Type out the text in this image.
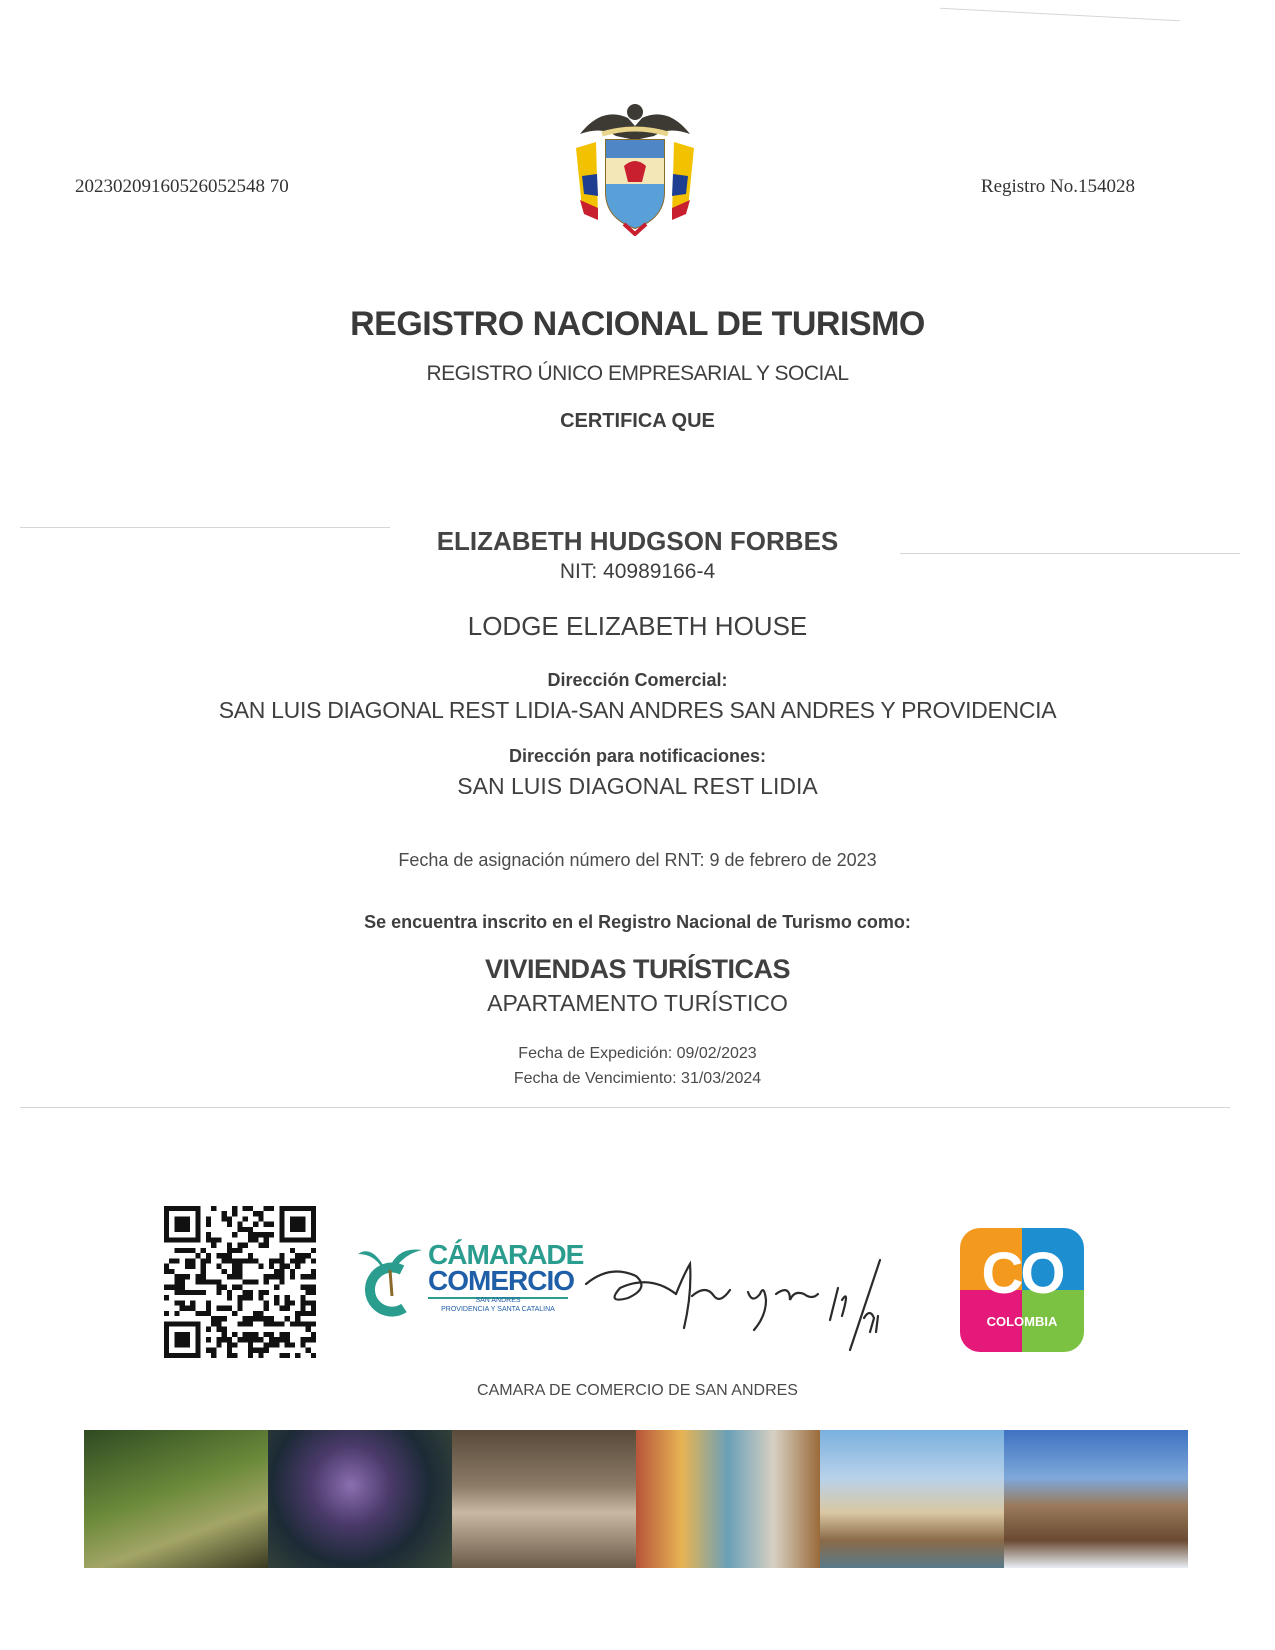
20230209160526052548 70	Registro No.154028
REGISTRO NACIONAL DE TURISMO
REGISTRO ÚNICO EMPRESARIAL Y SOCIAL
CERTIFICA QUE
ELIZABETH HUDGSON FORBES
NIT: 40989166-4
LODGE ELIZABETH HOUSE
Dirección Comercial:
SAN LUIS DIAGONAL REST LIDIA-SAN ANDRES SAN ANDRES Y PROVIDENCIA
Dirección para notificaciones:
SAN LUIS DIAGONAL REST LIDIA
Fecha de asignación número del RNT: 9 de febrero de 2023
Se encuentra inscrito en el Registro Nacional de Turismo como:
VIVIENDAS TURÍSTICAS
APARTAMENTO TURÍSTICO
Fecha de Expedición: 09/02/2023
Fecha de Vencimiento: 31/03/2024
CÁMARADE
COMERCIO
SAN ANDRES
PROVIDENCIA Y SANTA CATALINA
CO
COLOMBIA
CAMARA DE COMERCIO DE SAN ANDRES
